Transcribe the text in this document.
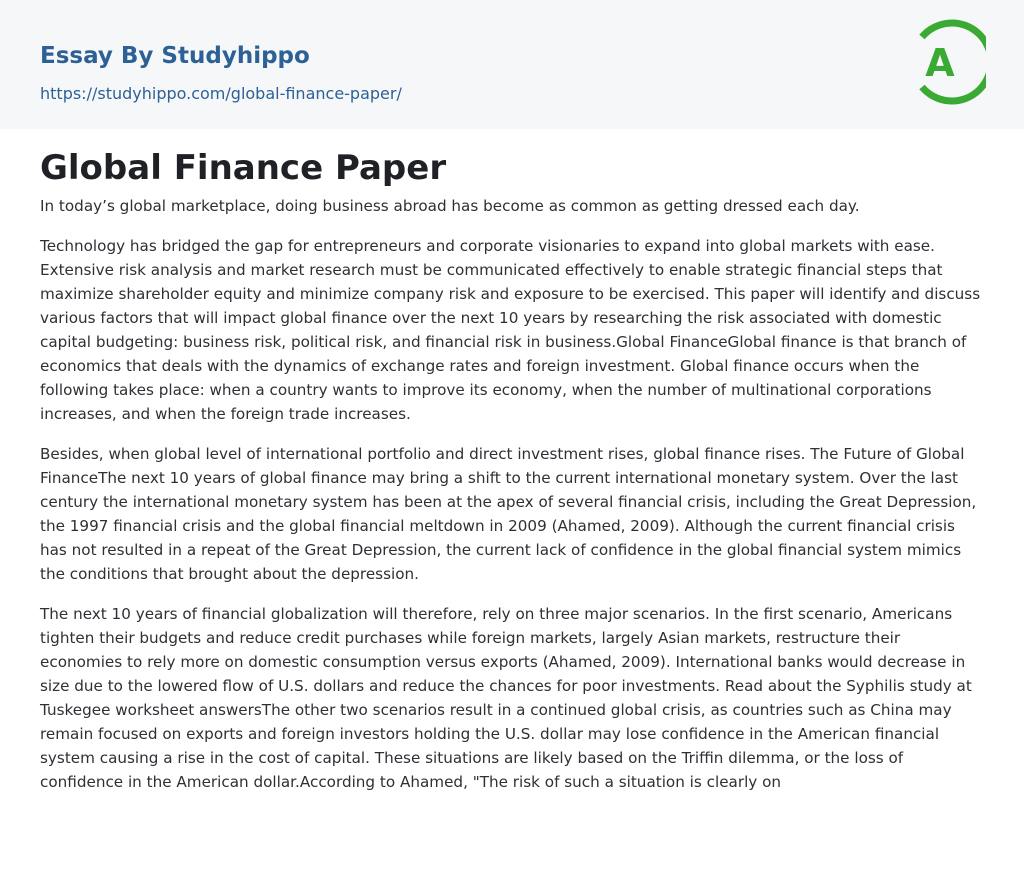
Essay By Studyhippo
https://studyhippo.com/global-finance-paper/
A
Global Finance Paper

In today’s global marketplace, doing business abroad has become as common as getting dressed each day.

Technology has bridged the gap for entrepreneurs and corporate visionaries to expand into global markets with ease. Extensive risk analysis and market research must be communicated effectively to enable strategic financial steps that maximize shareholder equity and minimize company risk and exposure to be exercised. This paper will identify and discuss various factors that will impact global finance over the next 10 years by researching the risk associated with domestic capital budgeting: business risk, political risk, and financial risk in business.Global FinanceGlobal finance is that branch of economics that deals with the dynamics of exchange rates and foreign investment. Global finance occurs when the following takes place: when a country wants to improve its economy, when the number of multinational corporations increases, and when the foreign trade increases.

Besides, when global level of international portfolio and direct investment rises, global finance rises. The Future of Global FinanceThe next 10 years of global finance may bring a shift to the current international monetary system. Over the last century the international monetary system has been at the apex of several financial crisis, including the Great Depression, the 1997 financial crisis and the global financial meltdown in 2009 (Ahamed, 2009). Although the current financial crisis has not resulted in a repeat of the Great Depression, the current lack of confidence in the global financial system mimics the conditions that brought about the depression.

The next 10 years of financial globalization will therefore, rely on three major scenarios. In the first scenario, Americans tighten their budgets and reduce credit purchases while foreign markets, largely Asian markets, restructure their economies to rely more on domestic consumption versus exports (Ahamed, 2009). International banks would decrease in size due to the lowered flow of U.S. dollars and reduce the chances for poor investments. Read about the Syphilis study at Tuskegee worksheet answersThe other two scenarios result in a continued global crisis, as countries such as China may remain focused on exports and foreign investors holding the U.S. dollar may lose confidence in the American financial system causing a rise in the cost of capital. These situations are likely based on the Triffin dilemma, or the loss of confidence in the American dollar.According to Ahamed, "The risk of such a situation is clearly on
